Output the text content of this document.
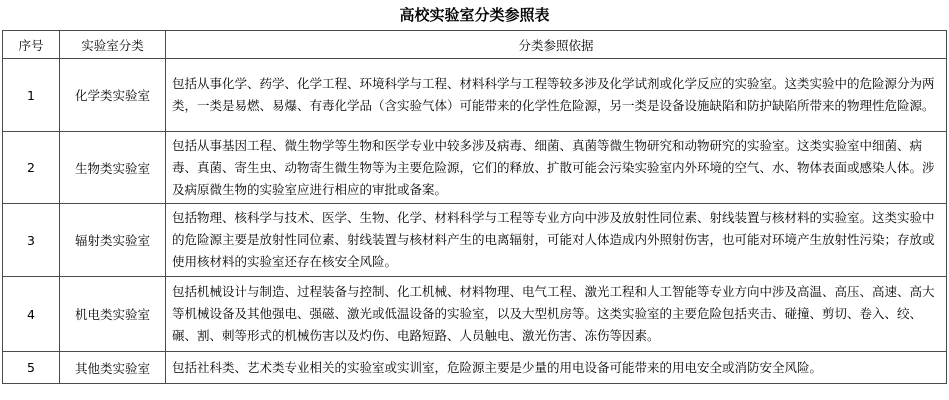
高校实验室分类参照表
序号	实验室分类	分类参照依据
1	化学类实验室	包括从事化学、药学、化学工程、环境科学与工程、材料科学与工程等较多涉及化学试剂或化学反应的实验室。这类实验中的危险源分为两类，一类是易燃、易爆、有毒化学品（含实验气体）可能带来的化学性危险源，另一类是设备设施缺陷和防护缺陷所带来的物理性危险源。
2	生物类实验室	包括从事基因工程、微生物学等生物和医学专业中较多涉及病毒、细菌、真菌等微生物研究和动物研究的实验室。这类实验室中细菌、病毒、真菌、寄生虫、动物寄生微生物等为主要危险源，它们的释放、扩散可能会污染实验室内外环境的空气、水、物体表面或感染人体。涉及病原微生物的实验室应进行相应的审批或备案。
3	辐射类实验室	包括物理、核科学与技术、医学、生物、化学、材料科学与工程等专业方向中涉及放射性同位素、射线装置与核材料的实验室。这类实验中的危险源主要是放射性同位素、射线装置与核材料产生的电离辐射，可能对人体造成内外照射伤害，也可能对环境产生放射性污染；存放或使用核材料的实验室还存在核安全风险。
4	机电类实验室	包括机械设计与制造、过程装备与控制、化工机械、材料物理、电气工程、激光工程和人工智能等专业方向中涉及高温、高压、高速、高大等机械设备及其他强电、强磁、激光或低温设备的实验室，以及大型机房等。这类实验室的主要危险包括夹击、碰撞、剪切、卷入、绞、碾、割、刺等形式的机械伤害以及灼伤、电路短路、人员触电、激光伤害、冻伤等因素。
5	其他类实验室	包括社科类、艺术类专业相关的实验室或实训室，危险源主要是少量的用电设备可能带来的用电安全或消防安全风险。
